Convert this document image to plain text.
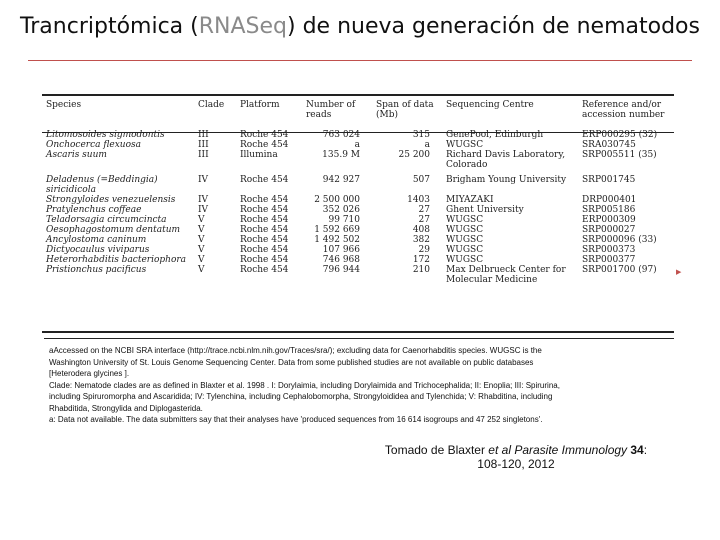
Trancriptómica (RNASeq) de nueva generación de nematodos
Species	Clade	Platform	Number of reads	Span of data (Mb)	Sequencing Centre	Reference and/or accession number
Litomosoides sigmodontis	III	Roche 454	763 024	315	GenePool, Edinburgh	ERP000295 (32)
Onchocerca flexuosa	III	Roche 454	a	a	WUGSC	SRA030745
Ascaris suum	III	Illumina	135.9 M	25 200	Richard Davis Laboratory,	SRP005511 (35)
					Colorado	
Deladenus (=Beddingia)	IV	Roche 454	942 927	507	Brigham Young University	SRP001745
siricidicola						
Strongyloides venezuelensis	IV	Roche 454	2 500 000	1403	MIYAZAKI	DRP000401
Pratylenchus coffeae	IV	Roche 454	352 026	27	Ghent University	SRP005186
Teladorsagia circumcincta	V	Roche 454	99 710	27	WUGSC	ERP000309
Oesophagostomum dentatum	V	Roche 454	1 592 669	408	WUGSC	SRP000027
Ancylostoma caninum	V	Roche 454	1 492 502	382	WUGSC	SRP000096 (33)
Dictyocaulus viviparus	V	Roche 454	107 966	29	WUGSC	SRP000373
Heterorhabditis bacteriophora	V	Roche 454	746 968	172	WUGSC	SRP000377
Pristionchus pacificus	V	Roche 454	796 944	210	Max Delbrueck Center for	SRP001700 (97)
					Molecular Medicine	
▶

aAccessed on the NCBI SRA interface (http://trace.ncbi.nlm.nih.gov/Traces/sra/); excluding data for Caenorhabditis species. WUGSC is the

Washington University of St. Louis Genome Sequencing Center. Data from some published studies are not available on public databases

[Heterodera glycines ].

Clade: Nematode clades are as defined in Blaxter et al. 1998 . I: Dorylaimia, including Dorylaimida and Trichocephalida; II: Enoplia; III: Spirurina,

including Spiruromorpha and Ascaridida; IV: Tylenchina, including Cephalobomorpha, Strongyloididea and Tylenchida; V: Rhabditina, including

Rhabditida, Strongylida and Diplogasterida.

a: Data not available. The data submitters say that their analyses have 'produced sequences from 16 614 isogroups and 47 252 singletons'.

Tomado de Blaxter et al Parasite Immunology 34: 108-120, 2012
